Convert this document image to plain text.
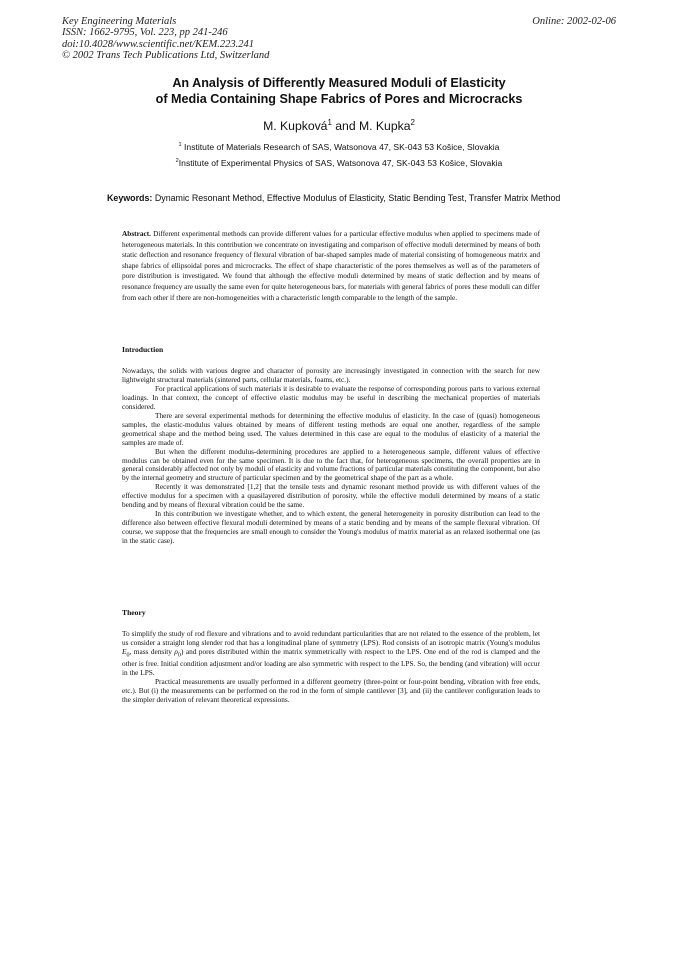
Key Engineering Materials
ISSN: 1662-9795, Vol. 223, pp 241-246
doi:10.4028/www.scientific.net/KEM.223.241
© 2002 Trans Tech Publications Ltd, Switzerland
Online: 2002-02-06
An Analysis of Differently Measured Moduli of Elasticity
of Media Containing Shape Fabrics of Pores and Microcracks
M. Kupková$^1$ and M. Kupka$^2$
$^1$ Institute of Materials Research of SAS, Watsonova 47, SK-043 53 Košice, Slovakia
$^2$Institute of Experimental Physics of SAS, Watsonova 47, SK-043 53 Košice, Slovakia
Keywords: Dynamic Resonant Method, Effective Modulus of Elasticity, Static Bending Test, Transfer Matrix Method
Abstract. Different experimental methods can provide different values for a particular effective modulus when applied to specimens made of heterogeneous materials. In this contribution we concentrate on investigating and comparison of effective moduli determined by means of both static deflection and resonance frequency of flexural vibration of bar-shaped samples made of material consisting of homogeneous matrix and shape fabrics of ellipsoidal pores and microcracks. The effect of shape characteristic of the pores themselves as well as of the parameters of pore distribution is investigated. We found that although the effective moduli determined by means of static deflection and by means of resonance frequency are usually the same even for quite heterogeneous bars, for materials with general fabrics of pores these moduli can differ from each other if there are non-homogeneities with a characteristic length comparable to the length of the sample.
Introduction

Nowadays, the solids with various degree and character of porosity are increasingly investigated in connection with the search for new lightweight structural materials (sintered parts, cellular materials, foams, etc.).

For practical applications of such materials it is desirable to evaluate the response of corresponding porous parts to various external loadings. In that context, the concept of effective elastic modulus may be useful in describing the mechanical properties of materials considered.

There are several experimental methods for determining the effective modulus of elasticity. In the case of (quasi) homogeneous samples, the elastic-modulus values obtained by means of different testing methods are equal one another, regardless of the sample geometrical shape and the method being used. The values determined in this case are equal to the modulus of elasticity of a material the samples are made of.

But when the different modulus-determining procedures are applied to a heterogeneous sample, different values of effective modulus can be obtained even for the same specimen. It is due to the fact that, for heterogeneous specimens, the overall properties are in general considerably affected not only by moduli of elasticity and volume fractions of particular materials constituting the component, but also by the internal geometry and structure of particular specimen and by the geometrical shape of the part as a whole.

Recently it was demonstrated [1,2] that the tensile tests and dynamic resonant method provide us with different values of the effective modulus for a specimen with a quasilayered distribution of porosity, while the effective moduli determined by means of a static bending and by means of flexural vibration could be the same.

In this contribution we investigate whether, and to which extent, the general heterogeneity in porosity distribution can lead to the difference also between effective flexural moduli determined by means of a static bending and by means of the sample flexural vibration. Of course, we suppose that the frequencies are small enough to consider the Young's modulus of matrix material as an relaxed isothermal one (as in the static case).

Theory

To simplify the study of rod flexure and vibrations and to avoid redundant particularities that are not related to the essence of the problem, let us consider a straight long slender rod that has a longitudinal plane of symmetry (LPS). Rod consists of an isotropic matrix (Young's modulus $E_0$, mass density $\rho_0$) and pores distributed within the matrix symmetrically with respect to the LPS. One end of the rod is clamped and the other is free. Initial condition adjustment and/or loading are also symmetric with respect to the LPS. So, the bending (and vibration) will occur in the LPS.

Practical measurements are usually performed in a different geometry (three-point or four-point bending, vibration with free ends, etc.). But (i) the measurements can be performed on the rod in the form of simple cantilever [3], and (ii) the cantilever configuration leads to the simpler derivation of relevant theoretical expressions.
